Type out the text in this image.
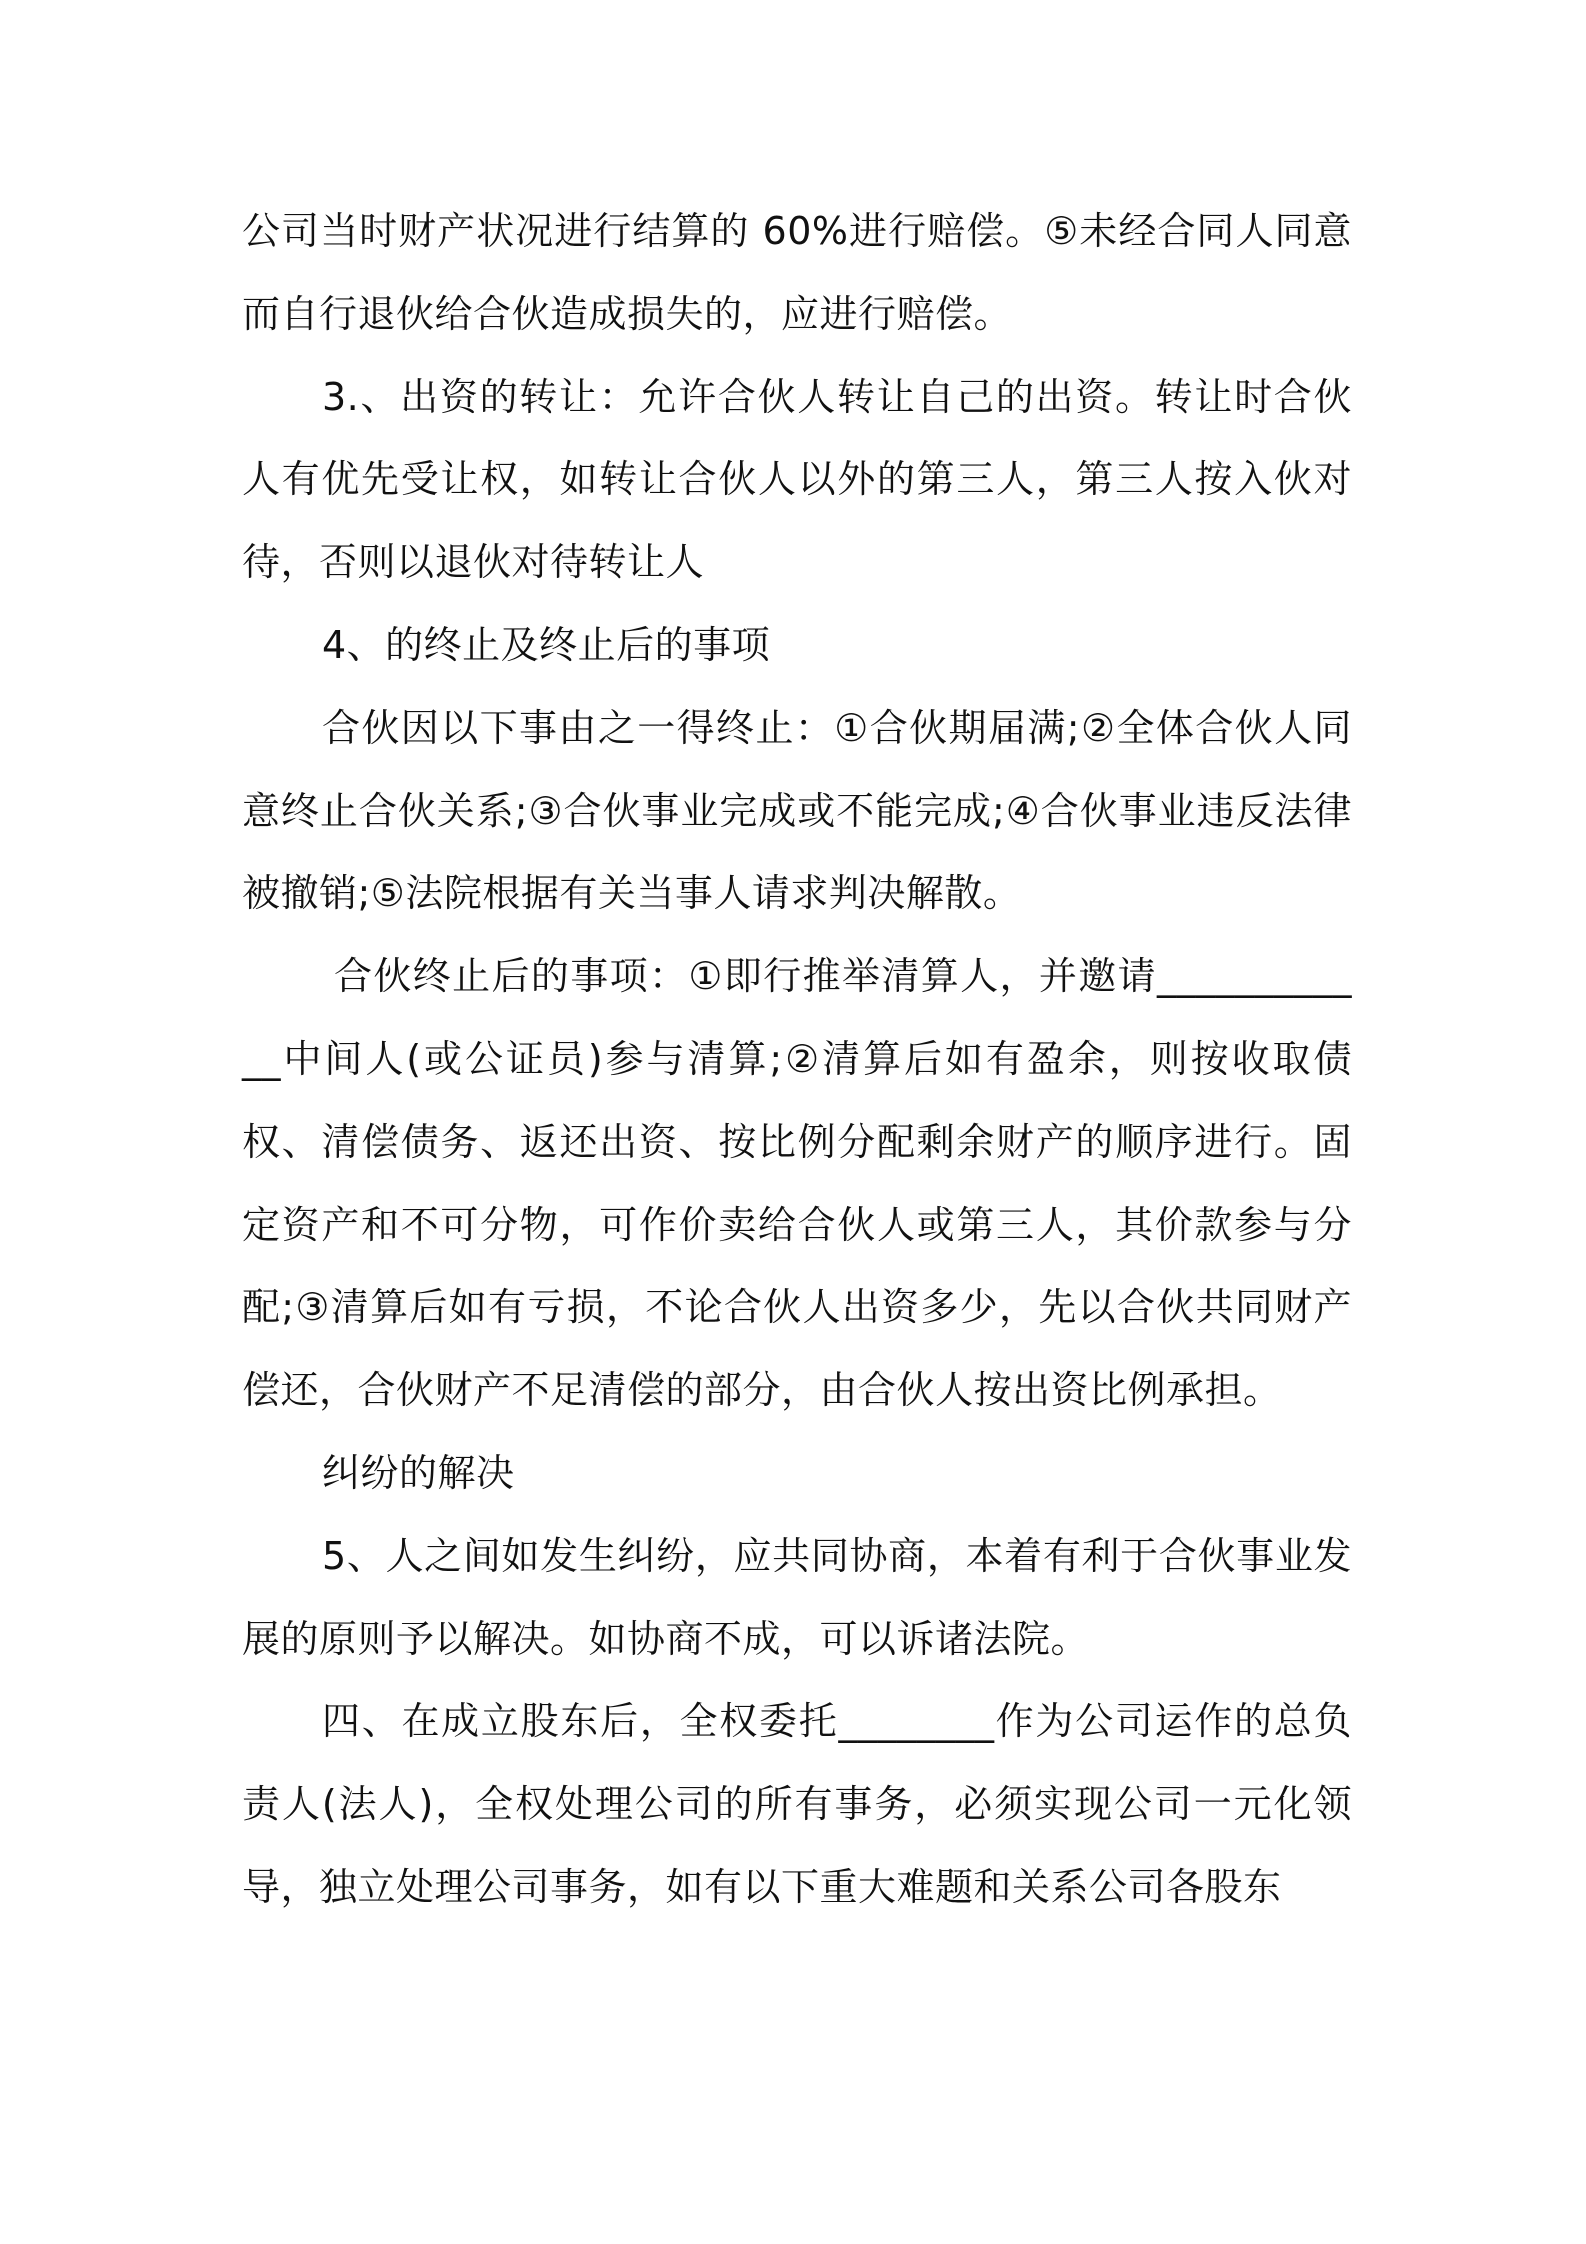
公司当时财产状况进行结算的 60%进行赔偿。⑤未经合同人同意而自行退伙给合伙造成损失的，应进行赔偿。

3.、出资的转让：允许合伙人转让自己的出资。转让时合伙人有优先受让权，如转让合伙人以外的第三人，第三人按入伙对待，否则以退伙对待转让人

4、的终止及终止后的事项

合伙因以下事由之一得终止：①合伙期届满;②全体合伙人同意终止合伙关系;③合伙事业完成或不能完成;④合伙事业违反法律被撤销;⑤法院根据有关当事人请求判决解散。

合伙终止后的事项：①即行推举清算人，并邀请____________中间人(或公证员)参与清算;②清算后如有盈余，则按收取债权、清偿债务、返还出资、按比例分配剩余财产的顺序进行。固定资产和不可分物，可作价卖给合伙人或第三人，其价款参与分配;③清算后如有亏损，不论合伙人出资多少，先以合伙共同财产偿还，合伙财产不足清偿的部分，由合伙人按出资比例承担。

纠纷的解决

5、人之间如发生纠纷，应共同协商，本着有利于合伙事业发展的原则予以解决。如协商不成，可以诉诸法院。

四、在成立股东后，全权委托________作为公司运作的总负责人(法人)，全权处理公司的所有事务，必须实现公司一元化领导，独立处理公司事务，如有以下重大难题和关系公司各股东
